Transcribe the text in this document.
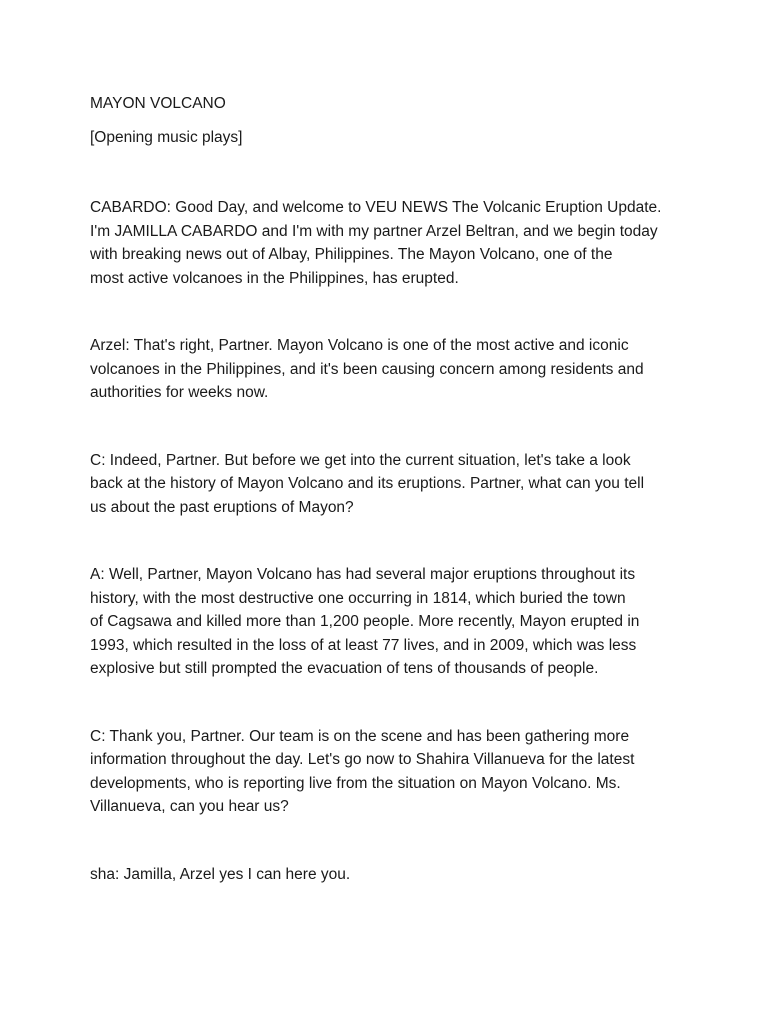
MAYON VOLCANO
[Opening music plays]
CABARDO: Good Day, and welcome to VEU NEWS The Volcanic Eruption Update.
I'm JAMILLA CABARDO and I'm with my partner Arzel Beltran, and we begin today
with breaking news out of Albay, Philippines. The Mayon Volcano, one of the
most active volcanoes in the Philippines, has erupted.
Arzel: That's right, Partner. Mayon Volcano is one of the most active and iconic
volcanoes in the Philippines, and it's been causing concern among residents and
authorities for weeks now.
C: Indeed, Partner. But before we get into the current situation, let's take a look
back at the history of Mayon Volcano and its eruptions. Partner, what can you tell
us about the past eruptions of Mayon?
A: Well, Partner, Mayon Volcano has had several major eruptions throughout its
history, with the most destructive one occurring in 1814, which buried the town
of Cagsawa and killed more than 1,200 people. More recently, Mayon erupted in
1993, which resulted in the loss of at least 77 lives, and in 2009, which was less
explosive but still prompted the evacuation of tens of thousands of people.
C: Thank you, Partner. Our team is on the scene and has been gathering more
information throughout the day. Let's go now to Shahira Villanueva for the latest
developments, who is reporting live from the situation on Mayon Volcano. Ms.
Villanueva, can you hear us?
sha: Jamilla, Arzel yes I can here you.
